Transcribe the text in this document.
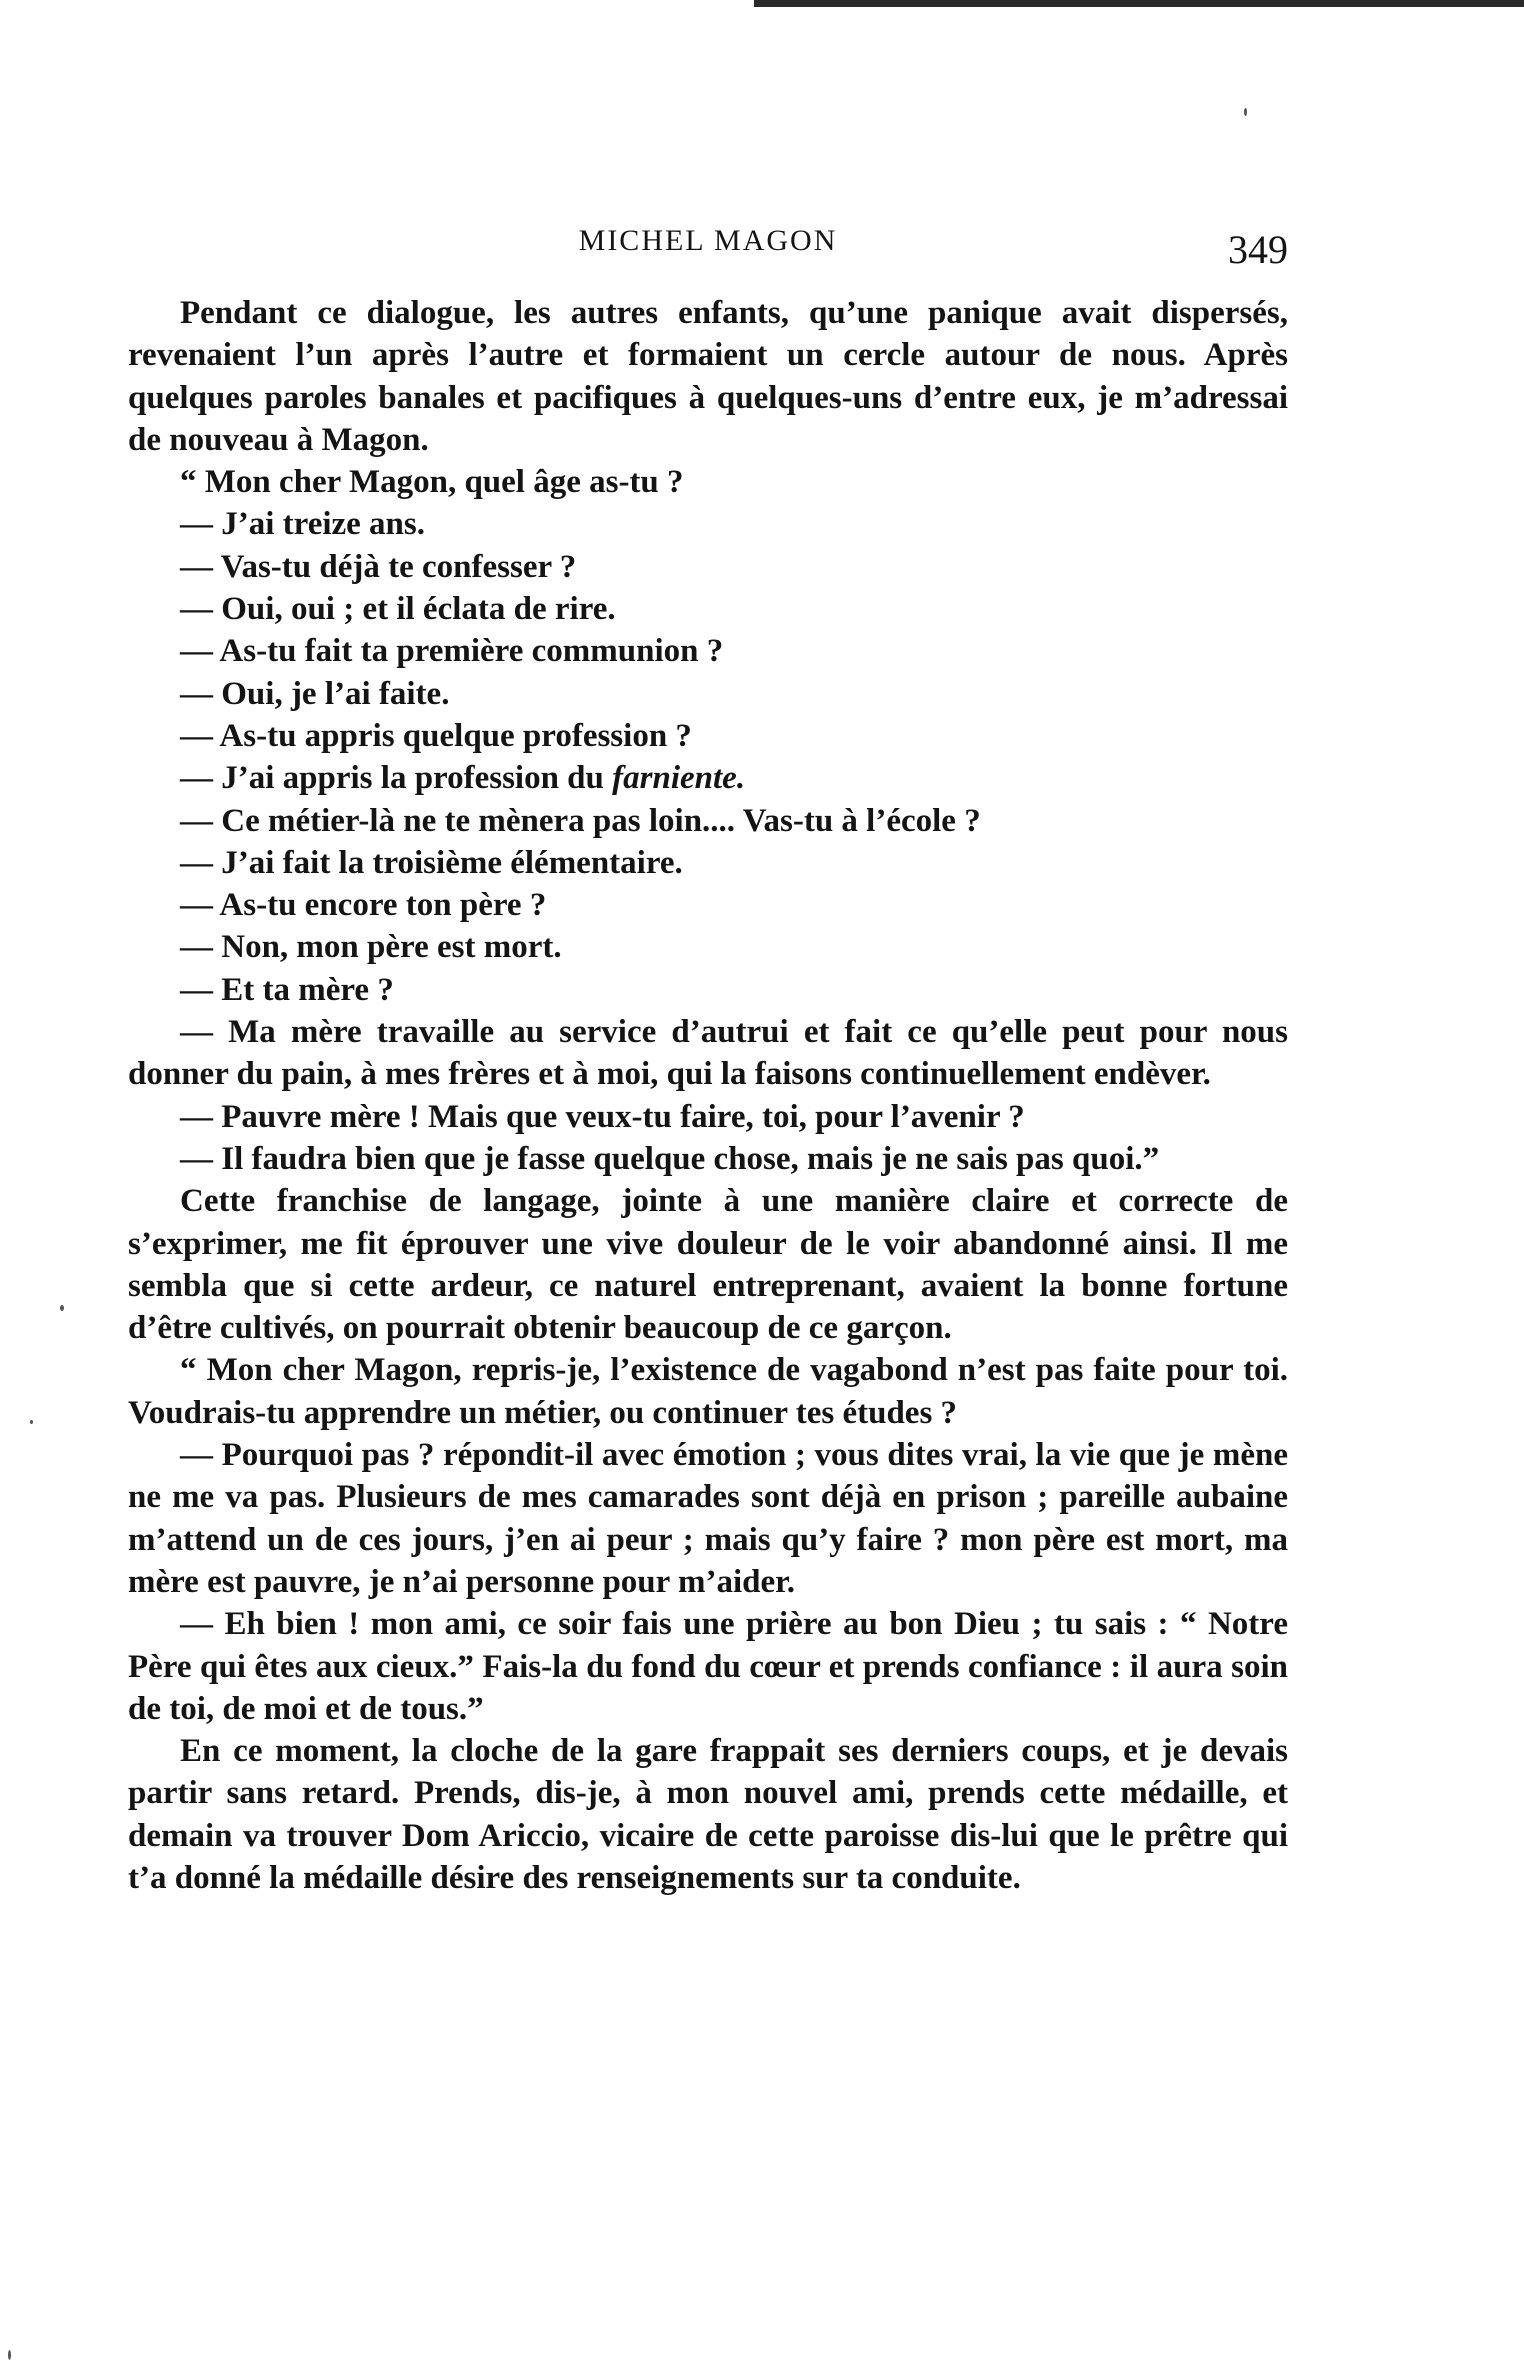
MICHEL MAGON	349

Pendant ce dialogue, les autres enfants, qu’une panique avait dispersés, revenaient l’un après l’autre et formaient un cercle autour de nous. Après quelques paroles banales et pacifiques à quelques-uns d’entre eux, je m’adressai de nouveau à Magon.

“ Mon cher Magon, quel âge as-tu ?

— J’ai treize ans.

— Vas-tu déjà te confesser ?

— Oui, oui ; et il éclata de rire.

— As-tu fait ta première communion ?

— Oui, je l’ai faite.

— As-tu appris quelque profession ?

— J’ai appris la profession du farniente.

— Ce métier-là ne te mènera pas loin.... Vas-tu à l’école ?

— J’ai fait la troisième élémentaire.

— As-tu encore ton père ?

— Non, mon père est mort.

— Et ta mère ?

— Ma mère travaille au service d’autrui et fait ce qu’elle peut pour nous donner du pain, à mes frères et à moi, qui la faisons continuellement endèver.

— Pauvre mère ! Mais que veux-tu faire, toi, pour l’avenir ?

— Il faudra bien que je fasse quelque chose, mais je ne sais pas quoi.”

Cette franchise de langage, jointe à une manière claire et correcte de s’exprimer, me fit éprouver une vive douleur de le voir abandonné ainsi. Il me sembla que si cette ardeur, ce naturel entreprenant, avaient la bonne fortune d’être cultivés, on pourrait obtenir beaucoup de ce garçon.

“ Mon cher Magon, repris-je, l’existence de vagabond n’est pas faite pour toi. Voudrais-tu apprendre un métier, ou continuer tes études ?

— Pourquoi pas ? répondit-il avec émotion ; vous dites vrai, la vie que je mène ne me va pas. Plusieurs de mes camarades sont déjà en prison ; pareille aubaine m’attend un de ces jours, j’en ai peur ; mais qu’y faire ? mon père est mort, ma mère est pauvre, je n’ai personne pour m’aider.

— Eh bien ! mon ami, ce soir fais une prière au bon Dieu ; tu sais : “ Notre Père qui êtes aux cieux.” Fais-la du fond du cœur et prends confiance : il aura soin de toi, de moi et de tous.”

En ce moment, la cloche de la gare frappait ses derniers coups, et je devais partir sans retard. Prends, dis-je, à mon nouvel ami, prends cette médaille, et demain va trouver Dom Ariccio, vicaire de cette paroisse dis-lui que le prêtre qui t’a donné la médaille désire des renseignements sur ta conduite.
